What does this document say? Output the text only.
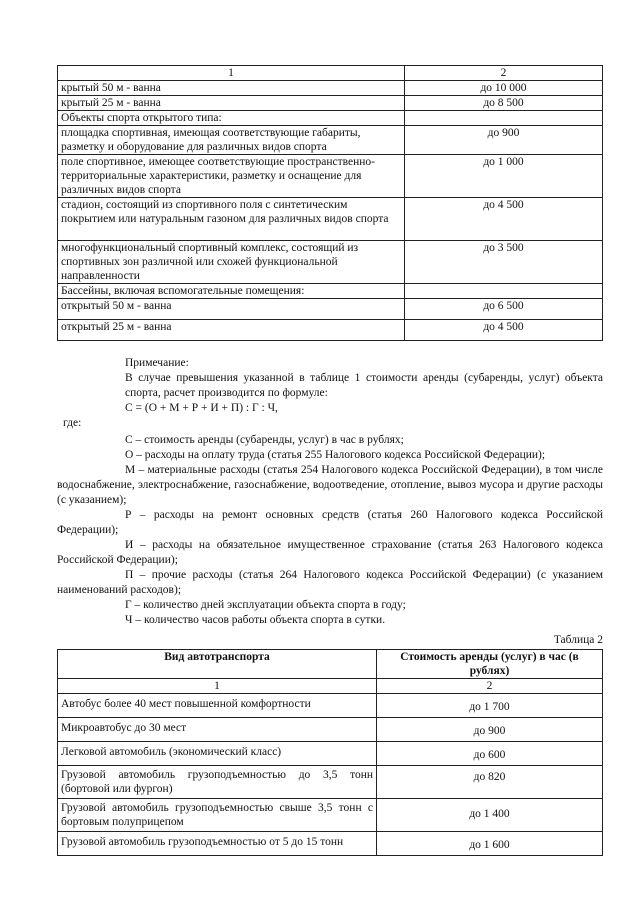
1	2
крытый 50 м - ванна	до 10 000
крытый 25 м - ванна	до 8 500
Объекты спорта открытого типа:	
площадка спортивная, имеющая соответствующие габариты, разметку и оборудование для различных видов спорта	до 900
поле спортивное, имеющее соответствующие пространственно-территориальные характеристики, разметку и оснащение для различных видов спорта	до 1 000
стадион, состоящий из спортивного поля с синтетическим покрытием или натуральным газоном для различных видов спорта	до 4 500
многофункциональный спортивный комплекс, состоящий из спортивных зон различной или схожей функциональной направленности	до 3 500
Бассейны, включая вспомогательные помещения:	
открытый 50 м - ванна	до 6 500
открытый 25 м - ванна	до 4 500
Примечание:
В случае превышения указанной в таблице 1 стоимости аренды (субаренды, услуг) объекта спорта, расчет производится по формуле:
С = (О + М + Р + И + П) : Г : Ч,
где:
С – стоимость аренды (субаренды, услуг) в час в рублях;
О – расходы на оплату труда (статья 255 Налогового кодекса Российской Федерации);
М – материальные расходы (статья 254 Налогового кодекса Российской Федерации), в том числе водоснабжение, электроснабжение, газоснабжение, водоотведение, отопление, вывоз мусора и другие расходы (с указанием);
Р – расходы на ремонт основных средств (статья 260 Налогового кодекса Российской Федерации);
И – расходы на обязательное имущественное страхование (статья 263 Налогового кодекса Российской Федерации);
П – прочие расходы (статья 264 Налогового кодекса Российской Федерации) (с указанием наименований расходов);
Г – количество дней эксплуатации объекта спорта в году;
Ч – количество часов работы объекта спорта в сутки.
Таблица 2
Вид автотранспорта	Стоимость аренды (услуг) в час (в рублях)
1	2
Автобус более 40 мест повышенной комфортности	до 1 700
Микроавтобус до 30 мест	до 900
Легковой автомобиль (экономический класс)	до 600
Грузовой автомобиль грузоподъемностью до 3,5 тонн (бортовой или фургон)	до 820
Грузовой автомобиль грузоподъемностью свыше 3,5 тонн с бортовым полуприцепом	до 1 400
Грузовой автомобиль грузоподъемностью от 5 до 15 тонн	до 1 600
